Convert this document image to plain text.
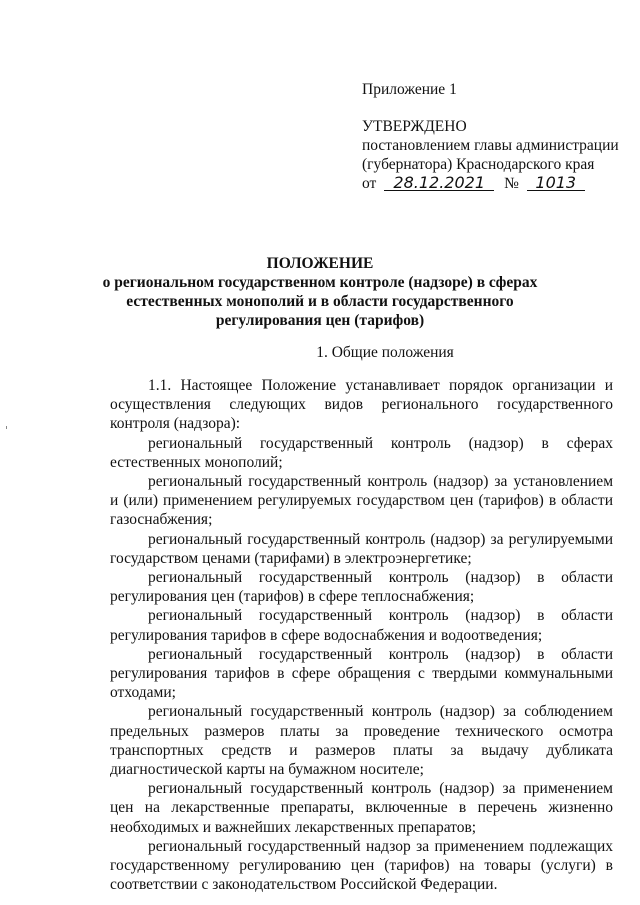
Приложение 1
УТВЕРЖДЕНО
постановлением главы администрации
(губернатора) Краснодарского края
от 28.12.2021 № 1013
ПОЛОЖЕНИЕ
о региональном государственном контроле (надзоре) в сферах
естественных монополий и в области государственного
регулирования цен (тарифов)
1. Общие положения

1.1. Настоящее Положение устанавливает порядок организации и осуществления следующих видов регионального государственного контроля (надзора):

региональный государственный контроль (надзор) в сферах естественных монополий;

региональный государственный контроль (надзор) за установлением и (или) применением регулируемых государством цен (тарифов) в области газоснабжения;

региональный государственный контроль (надзор) за регулируемыми государством ценами (тарифами) в электроэнергетике;

региональный государственный контроль (надзор) в области регулирования цен (тарифов) в сфере теплоснабжения;

региональный государственный контроль (надзор) в области регулирования тарифов в сфере водоснабжения и водоотведения;

региональный государственный контроль (надзор) в области регулирования тарифов в сфере обращения с твердыми коммунальными отходами;

региональный государственный контроль (надзор) за соблюдением предельных размеров платы за проведение технического осмотра транспортных средств и размеров платы за выдачу дубликата диагностической карты на бумажном носителе;

региональный государственный контроль (надзор) за применением цен на лекарственные препараты, включенные в перечень жизненно необходимых и важнейших лекарственных препаратов;

региональный государственный надзор за применением подлежащих государственному регулированию цен (тарифов) на товары (услуги) в соответствии с законодательством Российской Федерации.
